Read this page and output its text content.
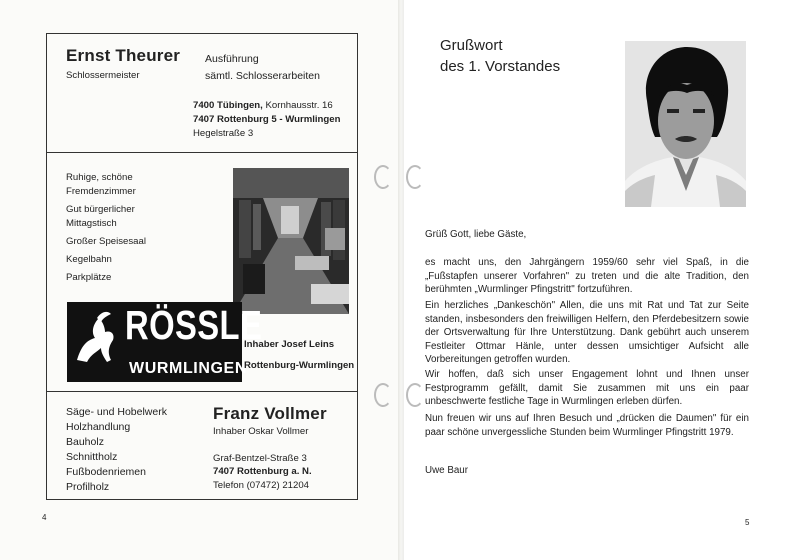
Ernst Theurer
Schlossermeister
Ausführung
sämtl. Schlosserarbeiten
7400 Tübingen, Kornhausstr. 16
7407 Rottenburg 5 - Wurmlingen
Hegelstraße 3
Ruhige, schöne
Fremdenzimmer
Gut bürgerlicher
Mittagstisch
Großer Speisesaal
Kegelbahn
Parkplätze
RÖSSLE
WURMLINGEN
Inhaber Josef Leins
Rottenburg-Wurmlingen
Säge- und Hobelwerk
Holzhandlung
Bauholz
Schnittholz
Fußbodenriemen
Profilholz
Franz Vollmer
Inhaber Oskar Vollmer
Graf-Bentzel-Straße 3
7407 Rottenburg a. N.
Telefon (07472) 21204
4
Grußwort
des 1. Vorstandes
Grüß Gott, liebe Gäste,
es macht uns, den Jahrgängern 1959/60 sehr viel Spaß, in die „Fußstapfen unserer Vorfahren" zu treten und die alte Tradition, den berühmten „Wurmlinger Pfingstritt" fortzuführen.
Ein herzliches „Dankeschön" Allen, die uns mit Rat und Tat zur Seite standen, insbesonders den freiwilligen Helfern, den Pferdebesitzern sowie der Ortsverwaltung für Ihre Unterstützung. Dank gebührt auch unserem Festleiter Ottmar Hänle, unter dessen umsichtiger Aufsicht alle Vorbereitungen getroffen wurden.
Wir hoffen, daß sich unser Engagement lohnt und Ihnen unser Festprogramm gefällt, damit Sie zusammen mit uns ein paar unbeschwerte festliche Tage in Wurmlingen erleben dürfen.
Nun freuen wir uns auf Ihren Besuch und „drücken die Daumen" für ein paar schöne unvergessliche Stunden beim Wurmlinger Pfingstritt 1979.
Uwe Baur
5
